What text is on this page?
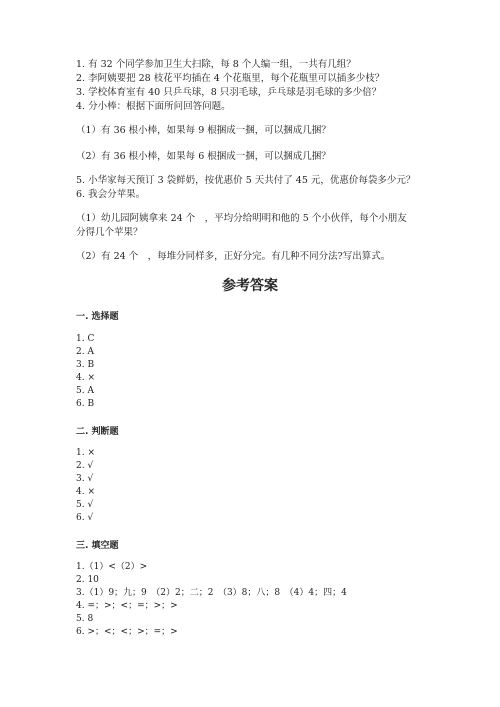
1. 有 32 个同学参加卫生大扫除，每 8 个人编一组，一共有几组？
2. 李阿姨要把 28 枝花平均插在 4 个花瓶里，每个花瓶里可以插多少枝？
3. 学校体育室有 40 只乒乓球，8 只羽毛球，乒乓球是羽毛球的多少倍？
4. 分小棒：根据下面所问回答问题。
（1）有 36 根小棒，如果每 9 根捆成一捆，可以捆成几捆？
（2）有 36 根小棒，如果每 6 根捆成一捆，可以捆成几捆？
5. 小华家每天预订 3 袋鲜奶，按优惠价 5 天共付了 45 元，优惠价每袋多少元？
6. 我会分苹果。
（1）幼儿园阿姨拿来 24 个　，平均分给明明和他的 5 个小伙伴，每个小朋友
分得几个苹果？
（2）有 24 个　，每堆分同样多，正好分完。有几种不同分法?写出算式。
参考答案
一. 选择题
1. C
2. A
3. B
4. ×
5. A
6. B
二. 判断题
1. ×
2. √
3. √
4. ×
5. √
6. √
三. 填空题
1.（1）<（2）>
2. 10
3.（1）9；九；9　（2）2；二；2　（3）8；八；8　（4）4；四；4
4. =；>；<；=；>；>
5. 8
6. >；<；<；>；=；>
